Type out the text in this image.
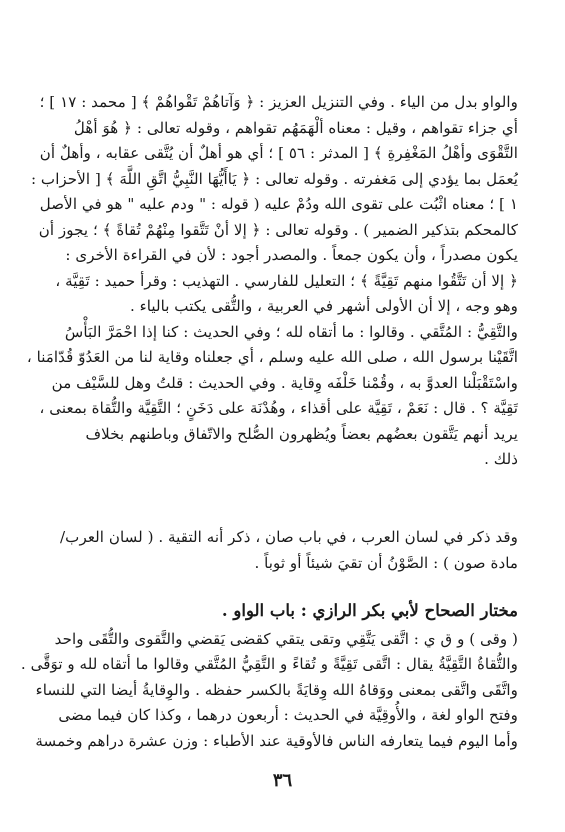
والواو بدل من الياء . وفي التنزيل العزيز : ﴿ وَآتاهُمْ تَقْواهُمْ ﴾ [ محمد : ١٧ ] ؛
أي جزاء تقواهم ، وقيل : معناه ألْهَمَهُم تقواهم ، وقوله تعالى : ﴿ هُوَ أهْلُ
التَّقْوَى وأهْلُ المَغْفِرةِ ﴾ [ المدثر : ٥٦ ] ؛ أي هو أهلٌ أن يُتَّقى عقابه ، وأهلٌ أن
يُعمَل بما يؤدي إلى مَغفرته . وقوله تعالى : ﴿ يَاأَيُّهَا النَّبِيُّ اتَّقِ اللَّهَ ﴾ [ الأحزاب :
١ ] ؛ معناه اثْبُت على تقوى الله ودُمْ عليه ( قوله : " ودم عليه " هو في الأصل
كالمحكم بتذكير الضمير ) . وقوله تعالى : ﴿ إلا أنْ تَتَّقوا مِنْهُمْ تُقاةً ﴾ ؛ يجوز أن
يكون مصدراً ، وأن يكون جمعاً . والمصدر أجود : لأن في القراءة الأخرى :
﴿ إلا أن تَتَّقُوا منهم تَقِيَّةً ﴾ ؛ التعليل للفارسي . التهذيب : وقرأ حميد : تَقِيَّة ،
وهو وجه ، إلا أن الأولى أشهر في العربية ، والتُّقى يكتب بالياء .
والتَّقِيُّ : المُتَّقي . وقالوا : ما أتقاه لله ؛ وفي الحديث : كنا إذا احْمَرَّ البَأْسُ
اتَّقَيْنا برسول الله ، صلى الله عليه وسلم ، أي جعلناه وقاية لنا من العَدُوّ قُدّامَنا ،
واسْتَقْبَلْنا العدوَّ به ، وقُمْنا خَلْفَه وِقاية . وفي الحديث : قلتُ وهل للسَّيْف من
تَقِيَّة ؟ . قال : نَعَمْ ، تَقِيَّة على أقذاء ، وهُدْنَة على دَخَنٍ ؛ التَّقِيَّة والتُّقاة بمعنى ،
يريد أنهم يَتَّقون بعضُهم بعضاً ويُظهرون الصُّلح والاتّفاق وباطنهم بخلاف
ذلك .
وقد ذكر في لسان العرب ، في باب صان ، ذكر أنه التقية . ( لسان العرب/
مادة صون ) : الصَّوْنُ أن تقيَ شيئاً أو ثوباً .
مختار الصحاح لأبي بكر الرازي : باب الواو .
( وقى ) و ق ي : اتَّقى يَتَّقِي وتقى يتقي كقضى يَقضي والتَّقوى والتُّقَى واحد
والتُّقاةُ التَّقِيَّةُ يقال : اتَّقى تَقِيَّةً و تُقاءً و التَّقِيُّ المُتَّقي وقالوا ما أتقاه لله و توَقَّى .
واتَّقَى واتَّقى بمعنى ووَقاهُ الله وِقايَةً بالكسر حفظه . والوِقايةُ أيضا التي للنساء
وفتح الواو لغة ، والأُوقِيَّة في الحديث : أربعون درهما ، وكذا كان فيما مضى
وأما اليوم فيما يتعارفه الناس فالأوقية عند الأطباء : وزن عشرة دراهم وخمسة
٣٦
